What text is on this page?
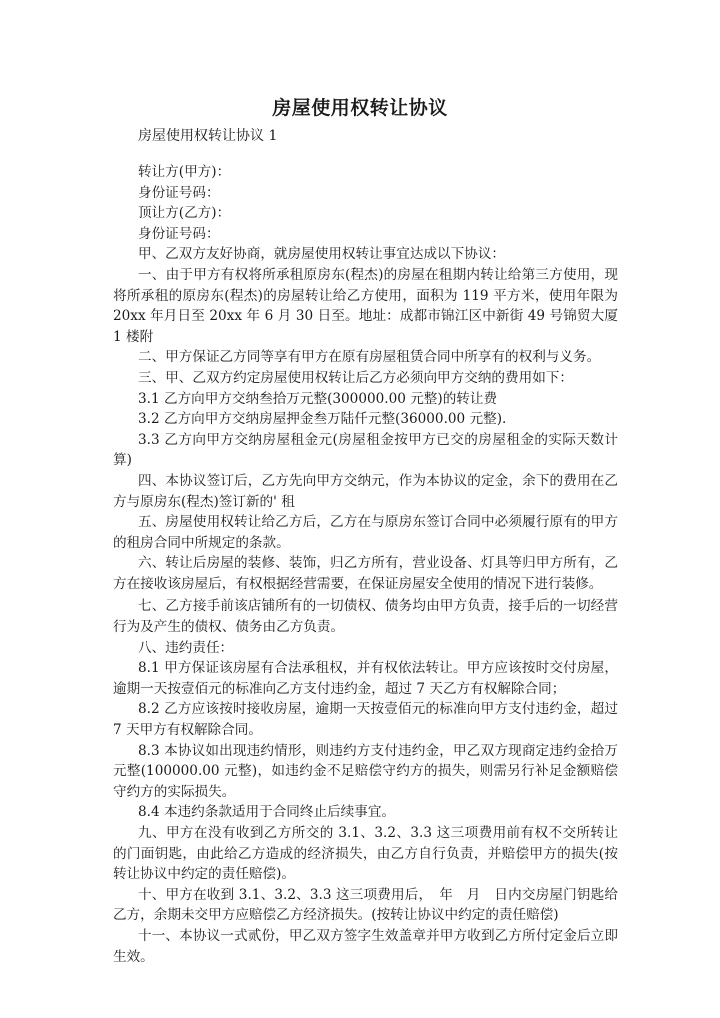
房屋使用权转让协议

房屋使用权转让协议 1

转让方(甲方)：

身份证号码：

顶让方(乙方)：

身份证号码：

甲、乙双方友好协商，就房屋使用权转让事宜达成以下协议：

一、由于甲方有权将所承租原房东(程杰)的房屋在租期内转让给第三方使用，现将所承租的原房东(程杰)的房屋转让给乙方使用，面积为 119 平方米，使用年限为 20xx 年月日至 20xx 年 6 月 30 日至。地址：成都市锦江区中新街 49 号锦贸大厦 1 楼附

二、甲方保证乙方同等享有甲方在原有房屋租赁合同中所享有的权利与义务。

三、甲、乙双方约定房屋使用权转让后乙方必须向甲方交纳的费用如下：

3.1 乙方向甲方交纳叁拾万元整(300000.00 元整)的转让费

3.2 乙方向甲方交纳房屋押金叁万陆仟元整(36000.00 元整).

3.3 乙方向甲方交纳房屋租金元(房屋租金按甲方已交的房屋租金的实际天数计算)

四、本协议签订后，乙方先向甲方交纳元，作为本协议的定金，余下的费用在乙方与原房东(程杰)签订新的' 租

五、房屋使用权转让给乙方后，乙方在与原房东签订合同中必须履行原有的甲方的租房合同中所规定的条款。

六、转让后房屋的装修、装饰，归乙方所有，营业设备、灯具等归甲方所有，乙方在接收该房屋后，有权根据经营需要，在保证房屋安全使用的情况下进行装修。

七、乙方接手前该店铺所有的一切债权、债务均由甲方负责，接手后的一切经营行为及产生的债权、债务由乙方负责。

八、违约责任：

8.1 甲方保证该房屋有合法承租权，并有权依法转让。甲方应该按时交付房屋，逾期一天按壹佰元的标准向乙方支付违约金，超过 7 天乙方有权解除合同；

8.2 乙方应该按时接收房屋，逾期一天按壹佰元的标准向甲方支付违约金，超过 7 天甲方有权解除合同。

8.3 本协议如出现违约情形，则违约方支付违约金，甲乙双方现商定违约金拾万元整(100000.00 元整)，如违约金不足赔偿守约方的损失，则需另行补足金额赔偿守约方的实际损失。

8.4 本违约条款适用于合同终止后续事宜。

九、甲方在没有收到乙方所交的 3.1、3.2、3.3 这三项费用前有权不交所转让的门面钥匙，由此给乙方造成的经济损失，由乙方自行负责，并赔偿甲方的损失(按转让协议中约定的责任赔偿)。

十、甲方在收到 3.1、3.2、3.3 这三项费用后，　年　月　日内交房屋门钥匙给乙方，余期未交甲方应赔偿乙方经济损失。(按转让协议中约定的责任赔偿)

十一、本协议一式贰份，甲乙双方签字生效盖章并甲方收到乙方所付定金后立即生效。
